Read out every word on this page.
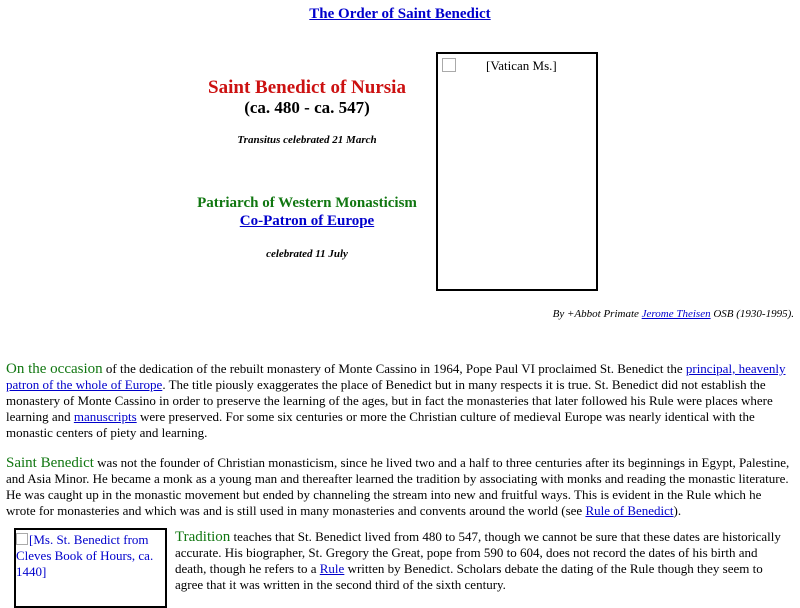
The Order of Saint Benedict
Saint Benedict of Nursia
(ca. 480 - ca. 547)
Transitus celebrated 21 March
Patriarch of Western Monasticism
Co-Patron of Europe
celebrated 11 July
[Vatican Ms.]
By +Abbot Primate Jerome Theisen OSB (1930-1995).
On the occasion of the dedication of the rebuilt monastery of Monte Cassino in 1964, Pope Paul VI proclaimed St. Benedict the principal, heavenly patron of the whole of Europe. The title piously exaggerates the place of Benedict but in many respects it is true. St. Benedict did not establish the monastery of Monte Cassino in order to preserve the learning of the ages, but in fact the monasteries that later followed his Rule were places where learning and manuscripts were preserved. For some six centuries or more the Christian culture of medieval Europe was nearly identical with the monastic centers of piety and learning.
Saint Benedict was not the founder of Christian monasticism, since he lived two and a half to three centuries after its beginnings in Egypt, Palestine, and Asia Minor. He became a monk as a young man and thereafter learned the tradition by associating with monks and reading the monastic literature. He was caught up in the monastic movement but ended by channeling the stream into new and fruitful ways. This is evident in the Rule which he wrote for monasteries and which was and is still used in many monasteries and convents around the world (see Rule of Benedict).
[Ms. St. Benedict from Cleves Book of Hours, ca. 1440]
Tradition teaches that St. Benedict lived from 480 to 547, though we cannot be sure that these dates are historically accurate. His biographer, St. Gregory the Great, pope from 590 to 604, does not record the dates of his birth and death, though he refers to a Rule written by Benedict. Scholars debate the dating of the Rule though they seem to agree that it was written in the second third of the sixth century.
